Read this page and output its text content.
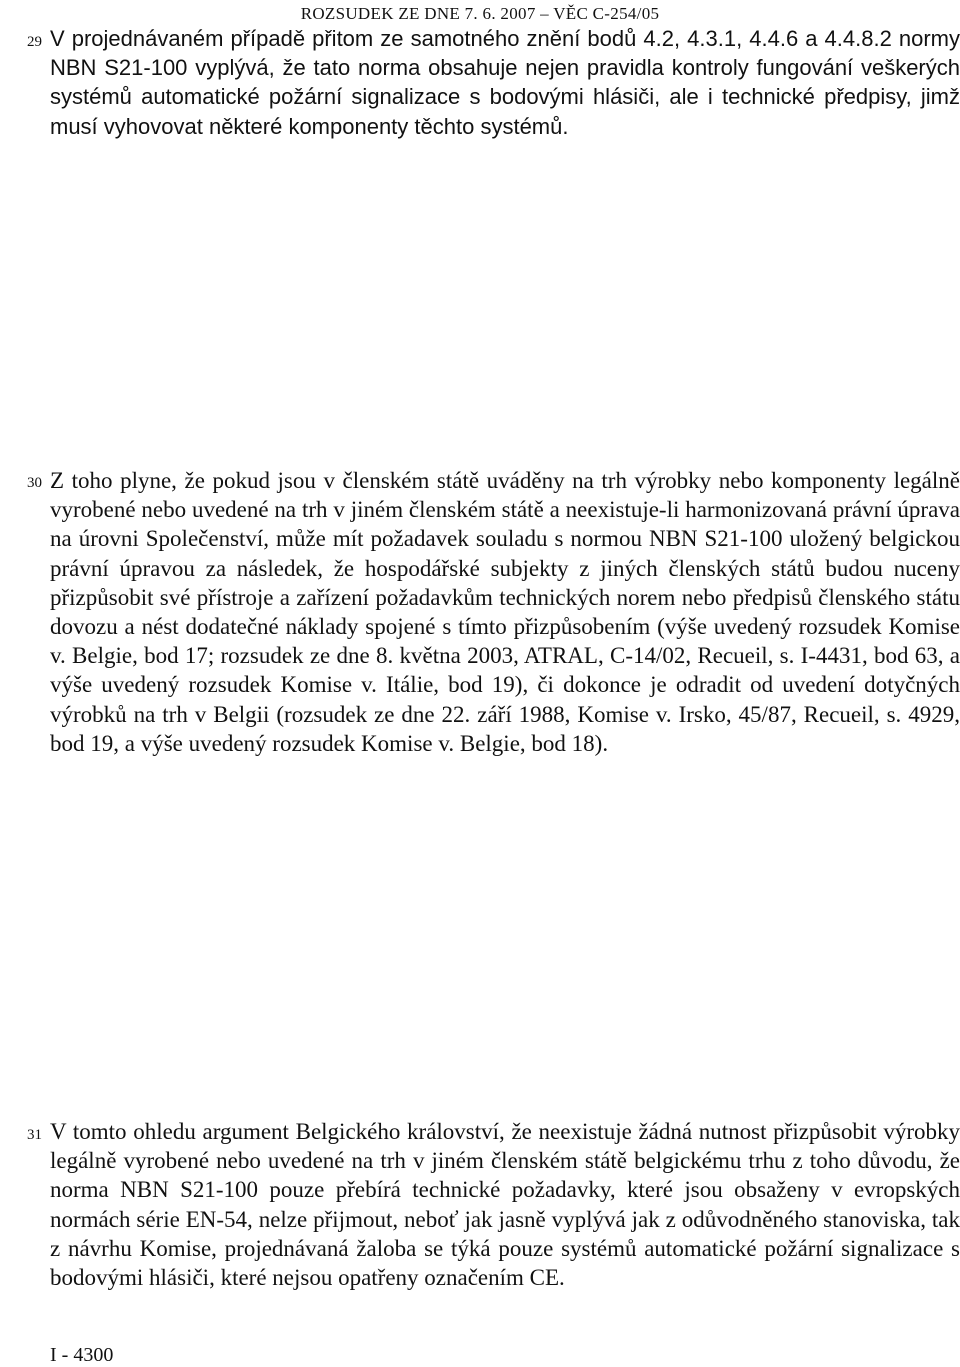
ROZSUDEK ZE DNE 7. 6. 2007 – VĚC C-254/05
29 V projednávaném případě přitom ze samotného znění bodů 4.2, 4.3.1, 4.4.6 a 4.4.8.2 normy NBN S21-100 vyplývá, že tato norma obsahuje nejen pravidla kontroly fungování veškerých systémů automatické požární signalizace s bodovými hlásiči, ale i technické předpisy, jimž musí vyhovovat některé komponenty těchto systémů.
30 Z toho plyne, že pokud jsou v členském státě uváděny na trh výrobky nebo komponenty legálně vyrobené nebo uvedené na trh v jiném členském státě a neexistuje-li harmonizovaná právní úprava na úrovni Společenství, může mít požadavek souladu s normou NBN S21-100 uložený belgickou právní úpravou za následek, že hospodářské subjekty z jiných členských států budou nuceny přizpůsobit své přístroje a zařízení požadavkům technických norem nebo předpisů členského státu dovozu a nést dodatečné náklady spojené s tímto přizpůsobením (výše uvedený rozsudek Komise v. Belgie, bod 17; rozsudek ze dne 8. května 2003, ATRAL, C-14/02, Recueil, s. I-4431, bod 63, a výše uvedený rozsudek Komise v. Itálie, bod 19), či dokonce je odradit od uvedení dotyčných výrobků na trh v Belgii (rozsudek ze dne 22. září 1988, Komise v. Irsko, 45/87, Recueil, s. 4929, bod 19, a výše uvedený rozsudek Komise v. Belgie, bod 18).
31 V tomto ohledu argument Belgického království, že neexistuje žádná nutnost přizpůsobit výrobky legálně vyrobené nebo uvedené na trh v jiném členském státě belgickému trhu z toho důvodu, že norma NBN S21-100 pouze přebírá technické požadavky, které jsou obsaženy v evropských normách série EN-54, nelze přijmout, neboť jak jasně vyplývá jak z odůvodněného stanoviska, tak z návrhu Komise, projednávaná žaloba se týká pouze systémů automatické požární signalizace s bodovými hlásiči, které nejsou opatřeny označením CE.
I - 4300
